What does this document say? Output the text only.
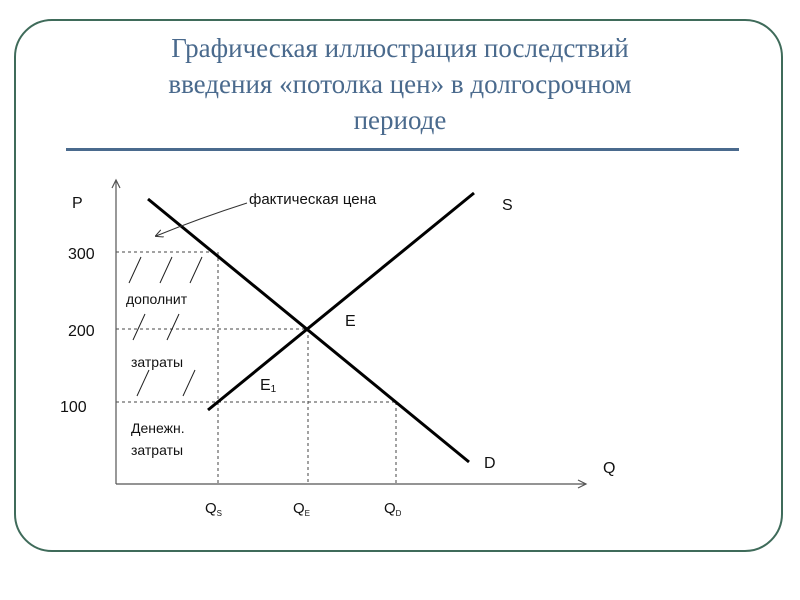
Графическая иллюстрация последствий
введения «потолка цен» в долгосрочном
периоде
P
Q
300
200
100
$Q_S$	$Q_E$	$Q_D$
S
D
E
E1
фактическая цена
дополнит
затраты
Денежн.
затраты
